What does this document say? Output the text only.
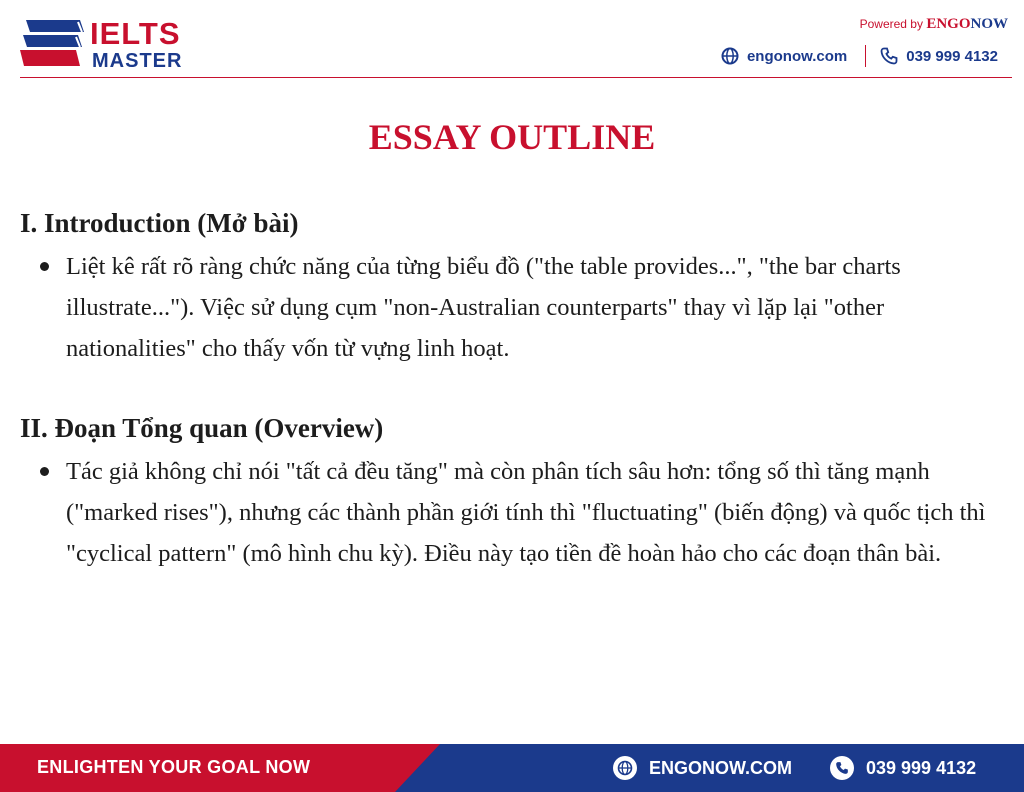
IELTS
MASTER
Powered by ENGONOW
engonow.com	039 999 4132
ESSAY OUTLINE
I. Introduction (Mở bài)
Liệt kê rất rõ ràng chức năng của từng biểu đồ ("the table provides...", "the bar charts illustrate..."). Việc sử dụng cụm "non-Australian counterparts" thay vì lặp lại "other nationalities" cho thấy vốn từ vựng linh hoạt.
II. Đoạn Tổng quan (Overview)
Tác giả không chỉ nói "tất cả đều tăng" mà còn phân tích sâu hơn: tổng số thì tăng mạnh ("marked rises"), nhưng các thành phần giới tính thì "fluctuating" (biến động) và quốc tịch thì "cyclical pattern" (mô hình chu kỳ). Điều này tạo tiền đề hoàn hảo cho các đoạn thân bài.
ENLIGHTEN YOUR GOAL NOW	ENGONOW.COM	039 999 4132
